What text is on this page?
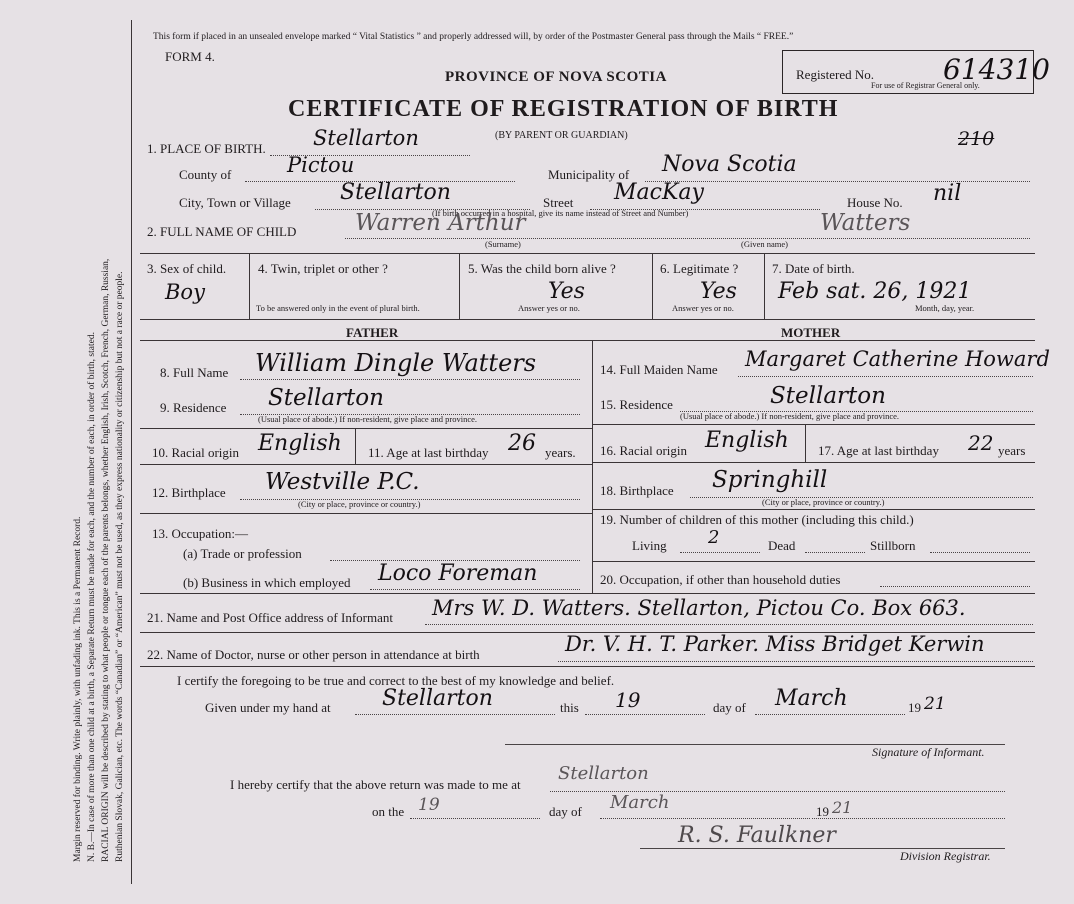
Margin reserved for binding. Write plainly, with unfading ink. This is a Permanent Record. N. B.—In case of more than one child at a birth, a Separate Return must be made for each, and the number of each, in order of birth, stated. RACIAL ORIGIN will be described by stating to what people or tongue each of the parents belongs, whether English, Irish, Scotch, French, German, Russian, Ruthenian Slovak, Galician, etc. The words “Canadian” or “American” must not be used, as they express nationality or citizenship but not a race or people.
This form if placed in an unsealed envelope marked “ Vital Statistics ” and properly addressed will, by order of the Postmaster General pass through the Mails “ FREE.”
FORM 4.
PROVINCE OF NOVA SCOTIA
CERTIFICATE OF REGISTRATION OF BIRTH
(BY PARENT OR GUARDIAN)
Registered No. 614310
For use of Registrar General only.
210
1. PLACE OF BIRTH. Stellarton
County of	Pictou	Municipality of Nova Scotia
City, Town or Village Stellarton	Street MacKay	House No. nil
(If birth occurred in a hospital, give its name instead of Street and Number)
2. FULL NAME OF CHILD	Warren Arthur	Watters
(Surname)	(Given name)
3. Sex of child.
Boy
4. Twin, triplet or other ?
To be answered only in the event of plural birth.
5. Was the child born alive ?
Yes
Answer yes or no.
6. Legitimate ?
Yes
Answer yes or no.
7. Date of birth.
Feb sat. 26, 1921
Month, day, year.
FATHER	MOTHER
8. Full Name William Dingle Watters
9. Residence Stellarton
(Usual place of abode.) If non-resident, give place and province.
10. Racial origin English 11. Age at last birthday 26 years.
12. Birthplace Westville P.C.
(City or place, province or country.)
13. Occupation:—
(a) Trade or profession
(b) Business in which employed Loco Foreman
14. Full Maiden Name Margaret Catherine Howard
15. Residence	Stellarton
(Usual place of abode.) If non-resident, give place and province.
16. Racial origin English 17. Age at last birthday 22 years
18. Birthplace Springhill
(City or place, province or country.)
19. Number of children of this mother (including this child.)
Living 2	Dead	Stillborn
20. Occupation, if other than household duties
21. Name and Post Office address of Informant Mrs W. D. Watters. Stellarton, Pictou Co. Box 663.
22. Name of Doctor, nurse or other person in attendance at birth	Dr. V. H. T. Parker. Miss Bridget Kerwin
I certify the foregoing to be true and correct to the best of my knowledge and belief.
Given under my hand at Stellarton	this 19	day of March	19 21
Signature of Informant.
I hereby certify that the above return was made to me at
Stellarton
on the 19	day of March	19 21
R. S. Faulkner
Division Registrar.
